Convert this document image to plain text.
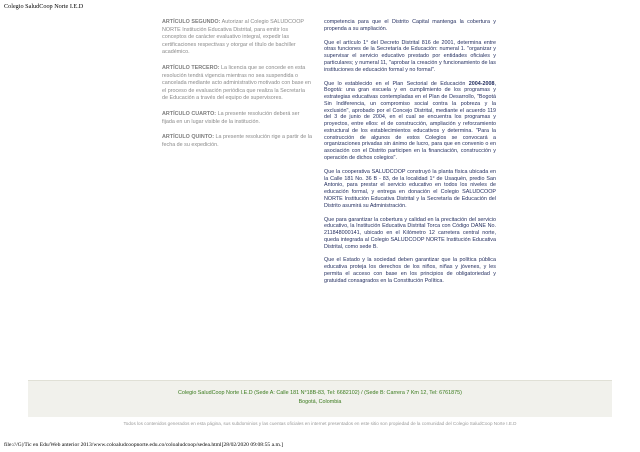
Colegio SaludCoop Norte I.E.D

ARTÍCULO SEGUNDO: Autorizar al Colegio SALUDCOOP NORTE Institución Educativa Distrital, para emitir los conceptos de carácter evaluativo integral, expedir las certificaciones respectivas y otorgar el título de bachiller académico.

ARTÍCULO TERCERO: La licencia que se concede en esta resolución tendrá vigencia mientras no sea suspendida o cancelada mediante acto administrativo motivado con base en el proceso de evaluación periódica que realiza la Secretaría de Educación a través del equipo de supervisores.

ARTÍCULO CUARTO: La presente resolución deberá ser fijada en un lugar visible de la institución.

ARTÍCULO QUINTO: La presente resolución rige a partir de la fecha de su expedición.

competencia para que el Distrito Capital mantenga la cobertura y propenda a su ampliación.

Que el artículo 1° del Decreto Distrital 816 de 2001, determina entre otras funciones de la Secretaría de Educación: numeral 1. "organizar y supervisar el servicio educativo prestado por entidades oficiales y particulares; y numeral 11, "aprobar la creación y funcionamiento de las instituciones de educación formal y no formal".

Que lo establecido en el Plan Sectorial de Educación 2004-2008, Bogotá: una gran escuela y en cumplimiento de los programas y estrategias educativas contempladas en el Plan de Desarrollo, "Bogotá Sin Indiferencia, un compromiso social contra la pobreza y la exclusión", aprobado por el Concejo Distrital, mediante el acuerdo 119 del 3 de junio de 2004, en el cual se encuentra los programas y proyectos, entre ellos: el de construcción, ampliación y reforzamiento estructural de los establecimientos educativos y determina. "Para la construcción de algunos de estos Colegios se convocará a organizaciones privadas sin ánimo de lucro, para que en convenio o en asociación con el Distrito participen en la financiación, construcción y operación de dichos colegios".

Que la cooperativa SALUDCOOP construyó la planta física ubicada en la Calle 181 No. 36 B - 83, de la localidad 1° de Usaquén, predio San Antonio, para prestar el servicio educativo en todos los niveles de educación formal, y entrega en donación el Colegio SALUDCOOP NORTE Institución Educativa Distrital y la Secretaría de Educación del Distrito asumirá su Administración.

Que para garantizar la cobertura y calidad en la precitación del servicio educativo, la Institución Educativa Distrital Torca con Código DANE No. 211848000141, ubicado en el Kilómetro 12 carretera central norte, queda integrada al Colegio SALUDCOOP NORTE Institución Educativa Distrital, como sede B.

Que el Estado y la sociedad deben garantizar que la política pública educativa proteja los derechos de los niños, niñas y jóvenes, y les permita el acceso con base en los principios de obligatoriedad y gratuidad consagrados en la Constitución Política.

Colegio SaludCoop Norte I.E.D (Sede A: Calle 181 N°18B-83, Tel: 6682102) / (Sede B: Carrera 7 Km 12, Tel: 6761875)
Bogotá, Colombia
Todos los contenidos generados en esta página, sus subdominios y las cuentas oficiales en internet presentados en este sitio son propiedad de la comunidad del Colegio SaludCoop Norte I.E.D
file:///G|/Tic en Edu/Web anterior 2013/www.coloaludcoopnorte.edu.co/coloaludcoop/sedea.html[28/02/2020 09:08:55 a.m.]
